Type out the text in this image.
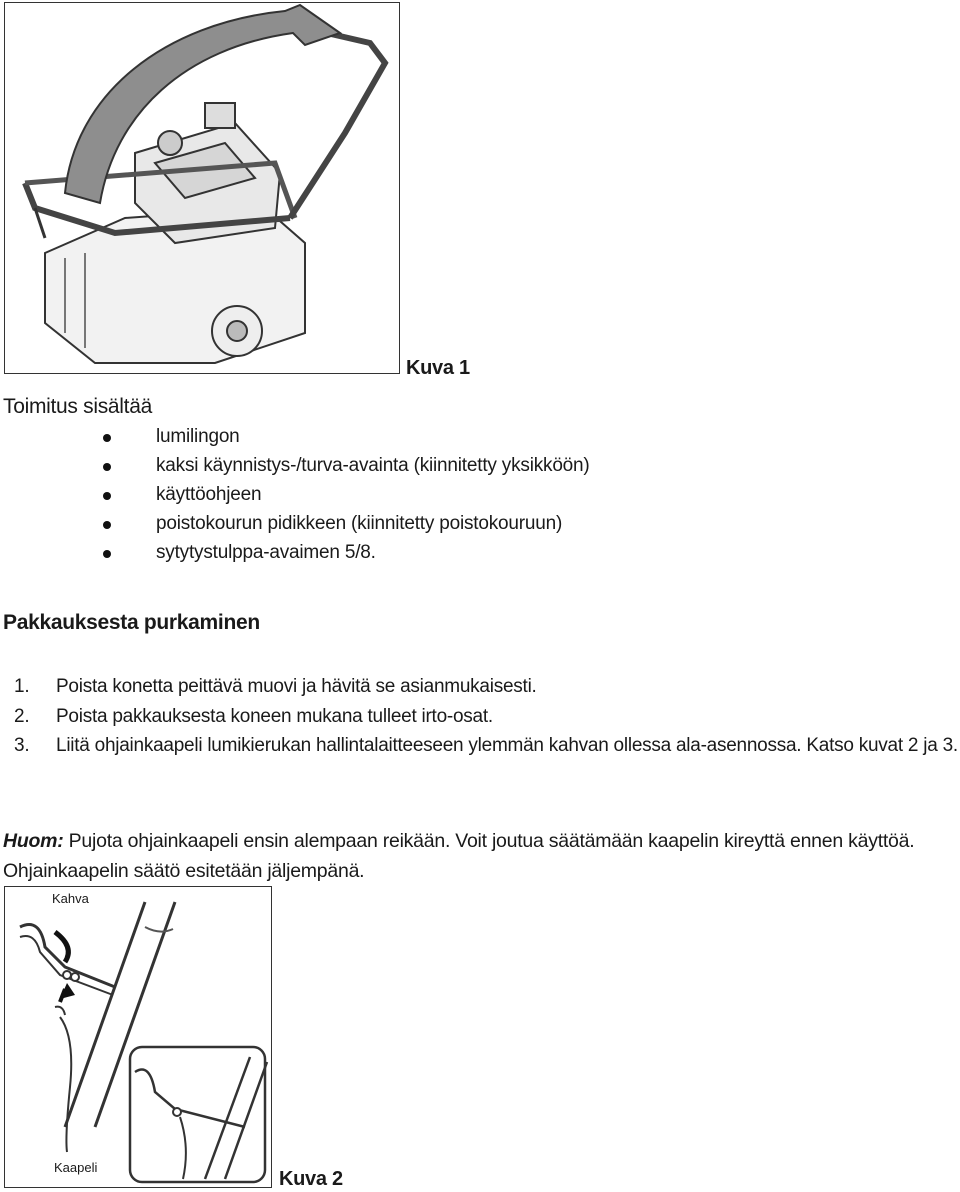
Kuva 1
Toimitus sisältää
lumilingon
kaksi käynnistys-/turva-avainta (kiinnitetty yksikköön)
käyttöohjeen
poistokourun pidikkeen (kiinnitetty poistokouruun)
sytytystulppa-avaimen 5/8.
Pakkauksesta purkaminen
1. Poista konetta peittävä muovi ja hävitä se asianmukaisesti.
2. Poista pakkauksesta koneen mukana tulleet irto-osat.
3. Liitä ohjainkaapeli lumikierukan hallintalaitteeseen ylemmän kahvan ollessa ala-asennossa. Katso kuvat 2 ja 3.
Huom: Pujota ohjainkaapeli ensin alempaan reikään. Voit joutua säätämään kaapelin kireyttä ennen käyttöä. Ohjainkaapelin säätö esitetään jäljempänä.
Kahva
Kaapeli
Kuva 2
